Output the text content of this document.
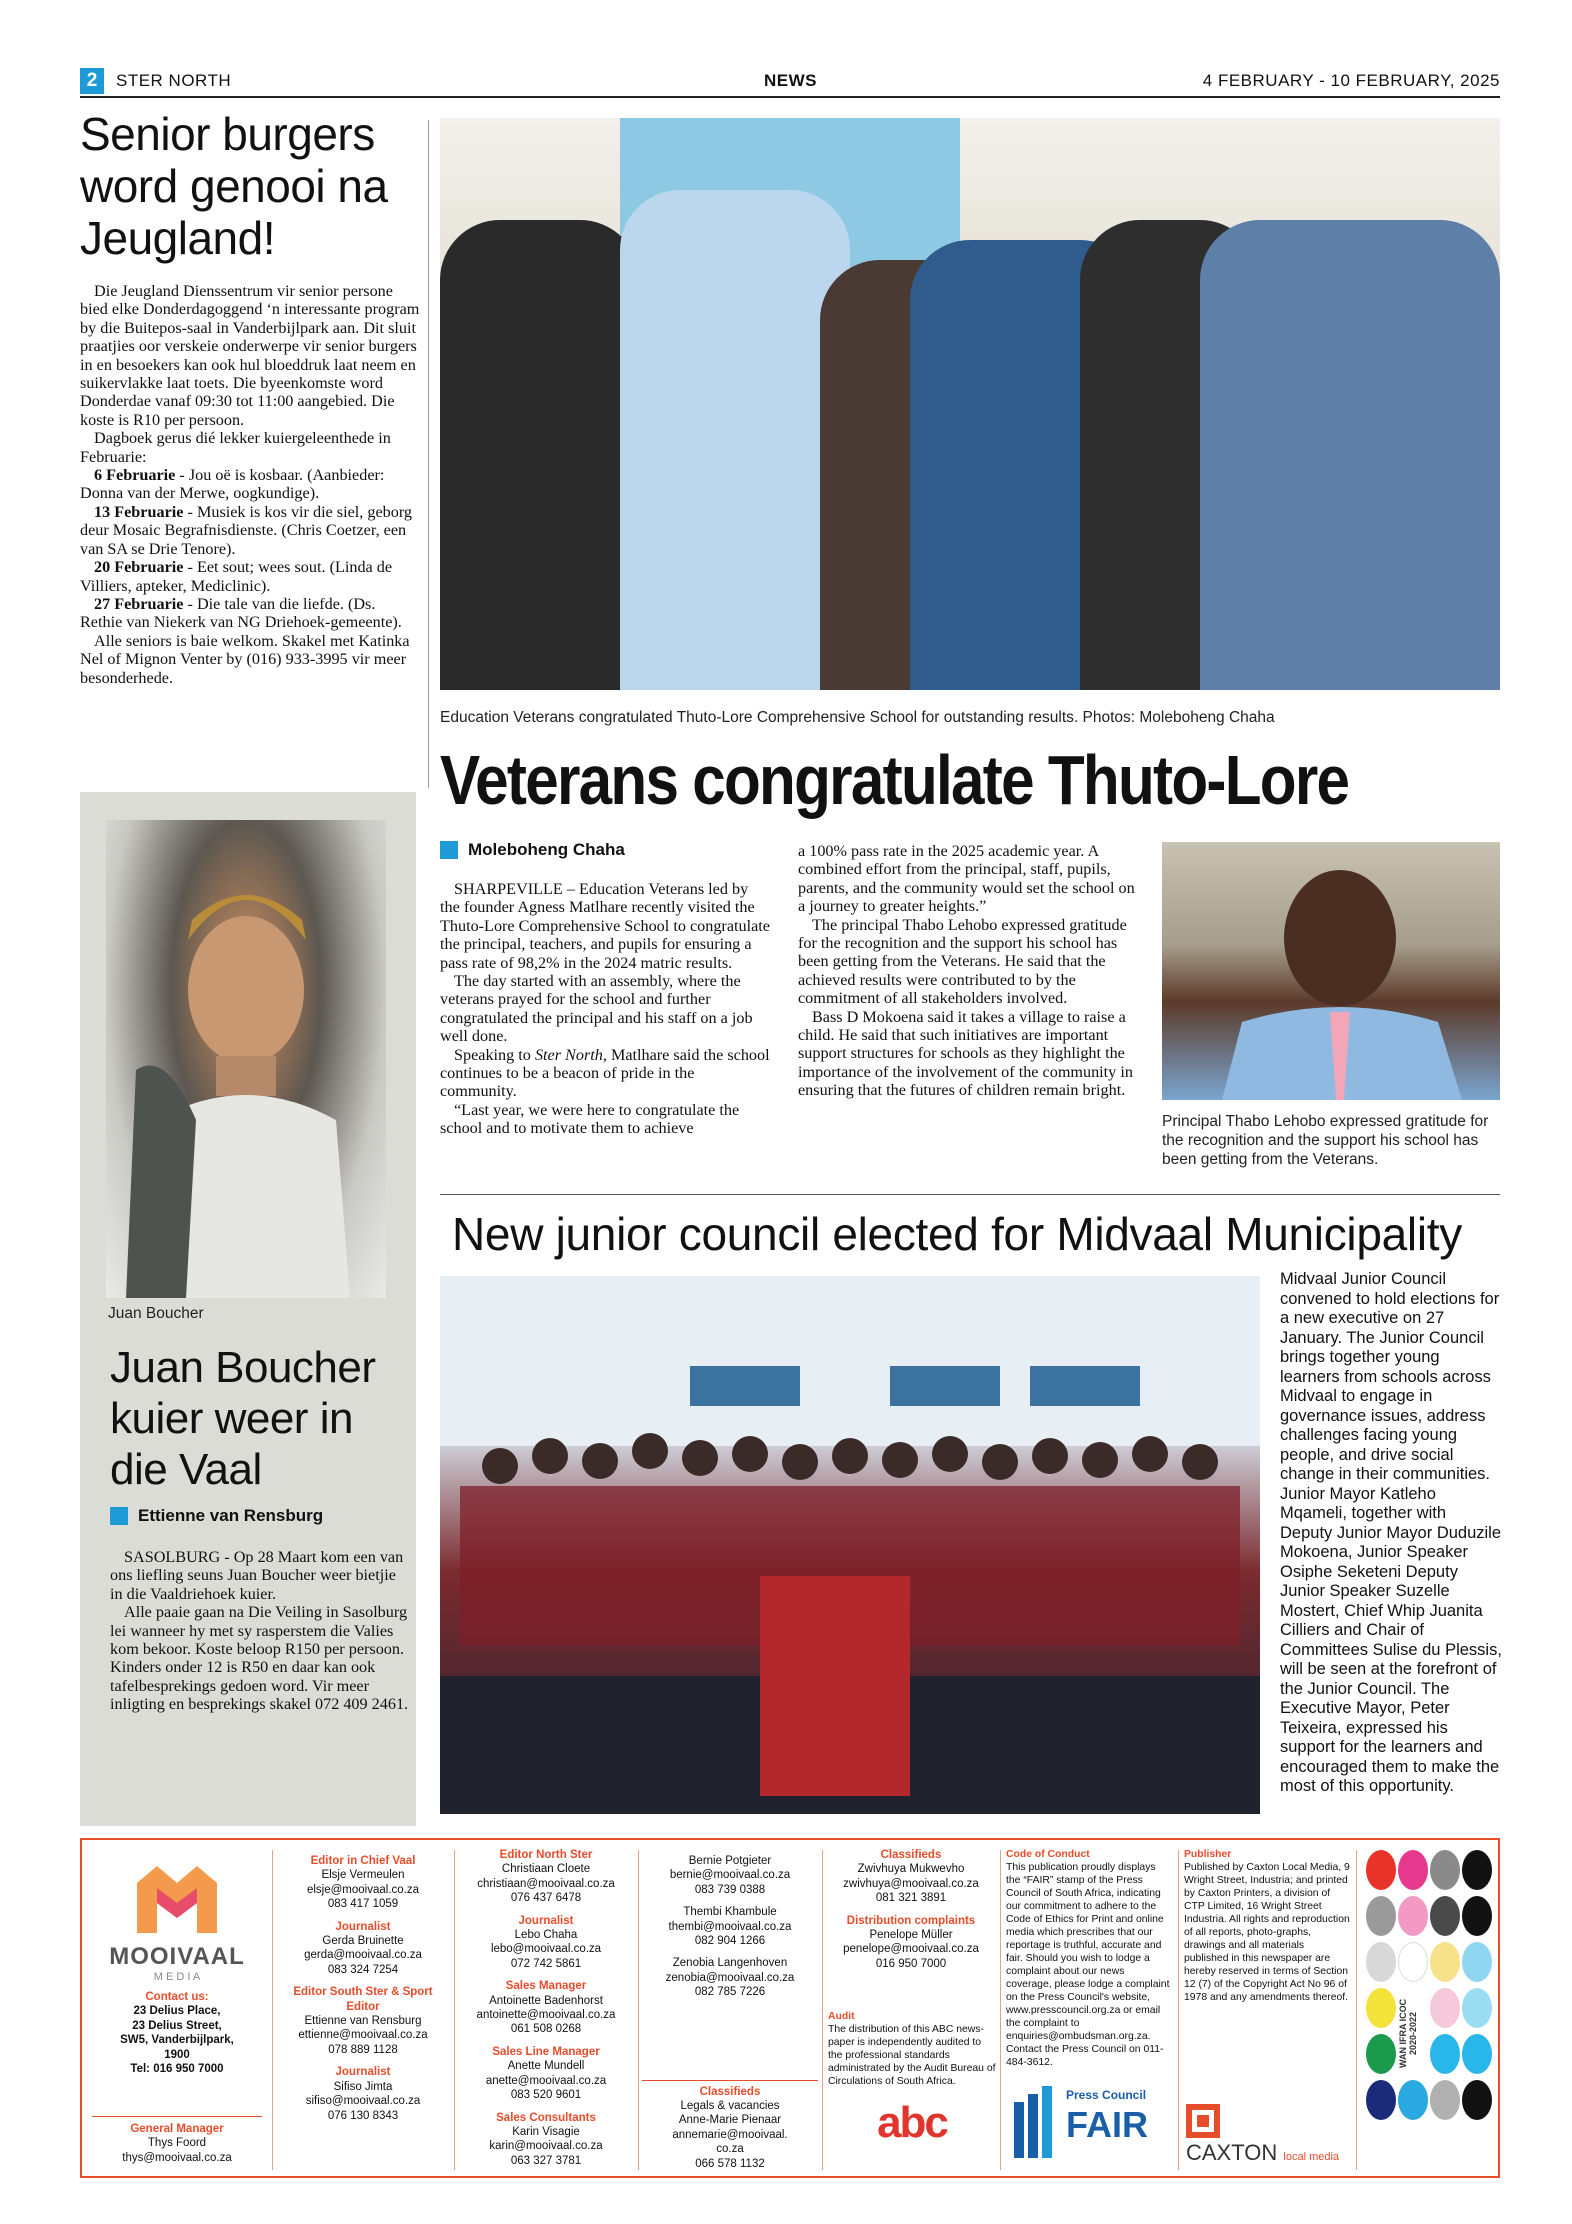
2	STER NORTH	NEWS	4 FEBRUARY - 10 FEBRUARY, 2025
Senior burgers word genooi na Jeugland!

Die Jeugland Dienssentrum vir senior persone bied elke Donderdagoggend ‘n interessante program by die Buitepos-saal in Vanderbijlpark aan. Dit sluit praatjies oor verskeie onderwerpe vir senior burgers in en besoekers kan ook hul bloeddruk laat neem en suikervlakke laat toets. Die byeenkomste word Donderdae vanaf 09:30 tot 11:00 aangebied. Die koste is R10 per persoon.

Dagboek gerus dié lekker kuiergeleenthede in Februarie:

6 Februarie - Jou oë is kosbaar. (Aanbieder: Donna van der Merwe, oogkundige).

13 Februarie - Musiek is kos vir die siel, geborg deur Mosaic Begrafnisdienste. (Chris Coetzer, een van SA se Drie Tenore).

20 Februarie - Eet sout; wees sout. (Linda de Villiers, apteker, Mediclinic).

27 Februarie - Die tale van die liefde. (Ds. Rethie van Niekerk van NG Driehoek-gemeente).

Alle seniors is baie welkom. Skakel met Katinka Nel of Mignon Venter by (016) 933-3995 vir meer besonderhede.

Juan Boucher
Juan Boucher kuier weer in die Vaal
Ettienne van Rensburg

SASOLBURG - Op 28 Maart kom een van ons liefling seuns Juan Boucher weer bietjie in die Vaaldriehoek kuier.

Alle paaie gaan na Die Veiling in Sasolburg lei wanneer hy met sy rasperstem die Valies kom bekoor. Koste beloop R150 per persoon. Kinders onder 12 is R50 en daar kan ook tafelbesprekings gedoen word. Vir meer inligting en besprekings skakel 072 409 2461.

Education Veterans congratulated Thuto-Lore Comprehensive School for outstanding results. Photos: Moleboheng Chaha
Veterans congratulate Thuto-Lore
Moleboheng Chaha

SHARPEVILLE – Education Veterans led by the founder Agness Matlhare recently visited the Thuto-Lore Comprehensive School to congratulate the principal, teachers, and pupils for ensuring a pass rate of 98,2% in the 2024 matric results.

The day started with an assembly, where the veterans prayed for the school and further congratulated the principal and his staff on a job well done.

Speaking to Ster North, Matlhare said the school continues to be a beacon of pride in the community.

“Last year, we were here to congratulate the school and to motivate them to achieve

a 100% pass rate in the 2025 academic year. A combined effort from the principal, staff, pupils, parents, and the community would set the school on a journey to greater heights.”

The principal Thabo Lehobo expressed gratitude for the recognition and the support his school has been getting from the Veterans. He said that the achieved results were contributed to by the commitment of all stakeholders involved.

Bass D Mokoena said it takes a village to raise a child. He said that such initiatives are important support structures for schools as they highlight the importance of the involvement of the community in ensuring that the futures of children remain bright.

Principal Thabo Lehobo expressed gratitude for the recognition and the support his school has been getting from the Veterans.
New junior council elected for Midvaal Municipality
Midvaal Junior Council convened to hold elections for a new executive on 27 January. The Junior Council brings together young learners from schools across Midvaal to engage in governance issues, address challenges facing young people, and drive social change in their communities. Junior Mayor Katleho Mqameli, together with Deputy Junior Mayor Duduzile Mokoena, Junior Speaker Osiphe Seketeni Deputy Junior Speaker Suzelle Mostert, Chief Whip Juanita Cilliers and Chair of Committees Sulise du Plessis, will be seen at the forefront of the Junior Council. The Executive Mayor, Peter Teixeira, expressed his support for the learners and encouraged them to make the most of this opportunity.
MOOIVAAL
M E D I A
Contact us:
23 Delius Place,
23 Delius Street,
SW5, Vanderbijlpark,
1900
Tel: 016 950 7000
General Manager
Thys Foord
thys@mooivaal.co.za
Editor in Chief Vaal
Elsje Vermeulen
elsje@mooivaal.co.za
083 417 1059
Journalist
Gerda Bruinette
gerda@mooivaal.co.za
083 324 7254
Editor South Ster & Sport Editor
Ettienne van Rensburg
ettienne@mooivaal.co.za
078 889 1128
Journalist
Sifiso Jimta
sifiso@mooivaal.co.za
076 130 8343
Editor North Ster
Christiaan Cloete
christiaan@mooivaal.co.za
076 437 6478
Journalist
Lebo Chaha
lebo@mooivaal.co.za
072 742 5861
Sales Manager
Antoinette Badenhorst
antoinette@mooivaal.co.za
061 508 0268
Sales Line Manager
Anette Mundell
anette@mooivaal.co.za
083 520 9601
Sales Consultants
Karin Visagie
karin@mooivaal.co.za
063 327 3781
Bernie Potgieter
bernie@mooivaal.co.za
083 739 0388
Thembi Khambule
thembi@mooivaal.co.za
082 904 1266
Zenobia Langenhoven
zenobia@mooivaal.co.za
082 785 7226
Classifieds
Legals & vacancies
Anne-Marie Pienaar
annemarie@mooivaal.
co.za
066 578 1132
Classifieds
Zwivhuya Mukwevho
zwivhuya@mooivaal.co.za
081 321 3891
Distribution complaints
Penelope Müller
penelope@mooivaal.co.za
016 950 7000
Audit
The distribution of this ABC news-paper is independently audited to the professional standards administrated by the Audit Bureau of Circulations of South Africa.
abc
Code of Conduct
This publication proudly displays the “FAIR” stamp of the Press Council of South Africa, indicating our commitment to adhere to the Code of Ethics for Print and online media which prescribes that our reportage is truthful, accurate and fair. Should you wish to lodge a complaint about our news coverage, please lodge a complaint on the Press Council's website, www.presscouncil.org.za or email the complaint to enquiries@ombudsman.org.za. Contact the Press Council on 011-484-3612.
Press Council
FAIR
Publisher
Published by Caxton Local Media, 9 Wright Street, Industria; and printed by Caxton Printers, a division of CTP Limited, 16 Wright Street Industria. All rights and reproduction of all reports, photo-graphs, drawings and all materials published in this newspaper are hereby reserved in terms of Section 12 (7) of the Copyright Act No 96 of 1978 and any amendments thereof.
CAXTON local media
WAN IFRA ICOC 2020-2022
